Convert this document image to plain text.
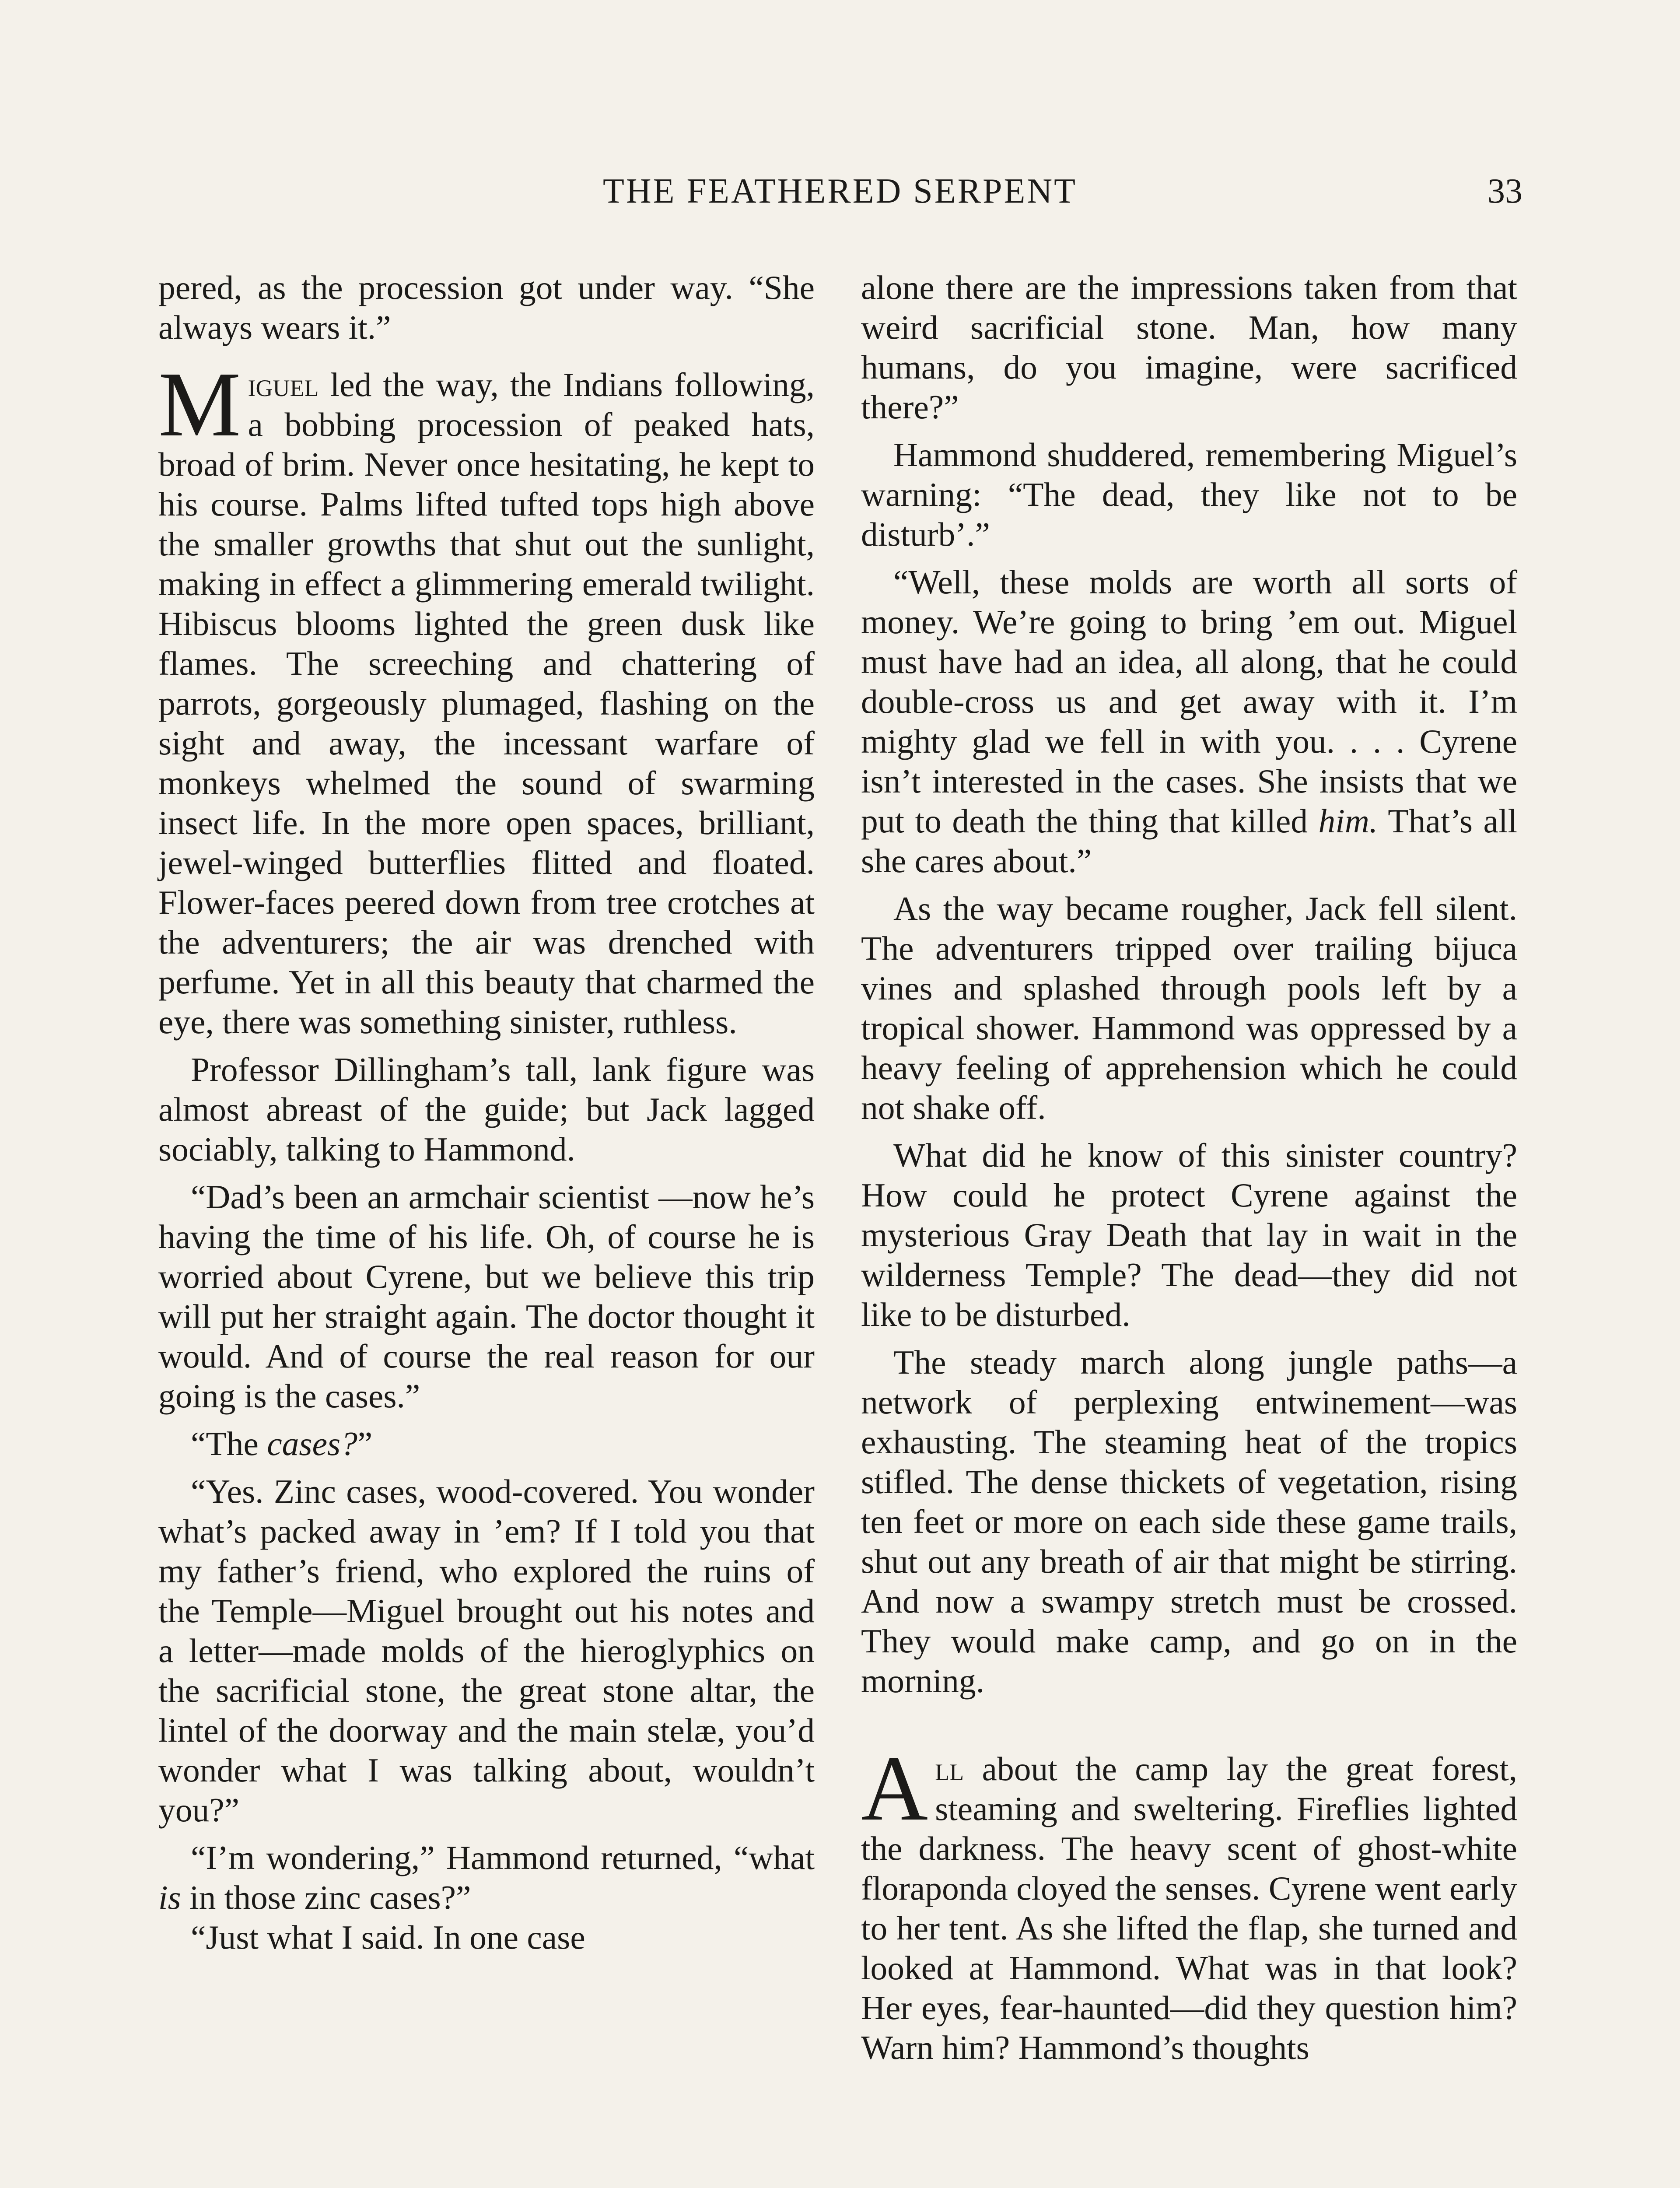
THE FEATHERED SERPENT	33

pered, as the procession got under way. “She always wears it.”

Miguel led the way, the Indians following, a bobbing procession of peaked hats, broad of brim. Never once hesitating, he kept to his course. Palms lifted tufted tops high above the smaller growths that shut out the sunlight, making in effect a glimmering emerald twilight. Hibiscus blooms lighted the green dusk like flames. The screeching and chattering of parrots, gorgeously plumaged, flashing on the sight and away, the incessant warfare of monkeys whelmed the sound of swarming insect life. In the more open spaces, brilliant, jewel-winged butterflies flitted and floated. Flower-faces peered down from tree crotches at the adventurers; the air was drenched with perfume. Yet in all this beauty that charmed the eye, there was something sinister, ruthless.

Professor Dillingham’s tall, lank figure was almost abreast of the guide; but Jack lagged sociably, talking to Hammond.

“Dad’s been an armchair scientist —now he’s having the time of his life. Oh, of course he is worried about Cyrene, but we believe this trip will put her straight again. The doctor thought it would. And of course the real reason for our going is the cases.”

“The cases?”

“Yes. Zinc cases, wood-covered. You wonder what’s packed away in ’em? If I told you that my father’s friend, who explored the ruins of the Temple—Miguel brought out his notes and a letter—made molds of the hieroglyphics on the sacrificial stone, the great stone altar, the lintel of the doorway and the main stelæ, you’d wonder what I was talking about, wouldn’t you?”

“I’m wondering,” Hammond returned, “what is in those zinc cases?”

“Just what I said. In one case

alone there are the impressions taken from that weird sacrificial stone. Man, how many humans, do you imagine, were sacrificed there?”

Hammond shuddered, remembering Miguel’s warning: “The dead, they like not to be disturb’.”

“Well, these molds are worth all sorts of money. We’re going to bring ’em out. Miguel must have had an idea, all along, that he could double-cross us and get away with it. I’m mighty glad we fell in with you. . . . Cyrene isn’t interested in the cases. She insists that we put to death the thing that killed him. That’s all she cares about.”

As the way became rougher, Jack fell silent. The adventurers tripped over trailing bijuca vines and splashed through pools left by a tropical shower. Hammond was oppressed by a heavy feeling of apprehension which he could not shake off.

What did he know of this sinister country? How could he protect Cyrene against the mysterious Gray Death that lay in wait in the wilderness Temple? The dead—they did not like to be disturbed.

The steady march along jungle paths—a network of perplexing entwinement—was exhausting. The steaming heat of the tropics stifled. The dense thickets of vegetation, rising ten feet or more on each side these game trails, shut out any breath of air that might be stirring. And now a swampy stretch must be crossed. They would make camp, and go on in the morning.

All about the camp lay the great forest, steaming and sweltering. Fireflies lighted the darkness. The heavy scent of ghost-white floraponda cloyed the senses. Cyrene went early to her tent. As she lifted the flap, she turned and looked at Hammond. What was in that look? Her eyes, fear-haunted—did they question him? Warn him? Hammond’s thoughts
